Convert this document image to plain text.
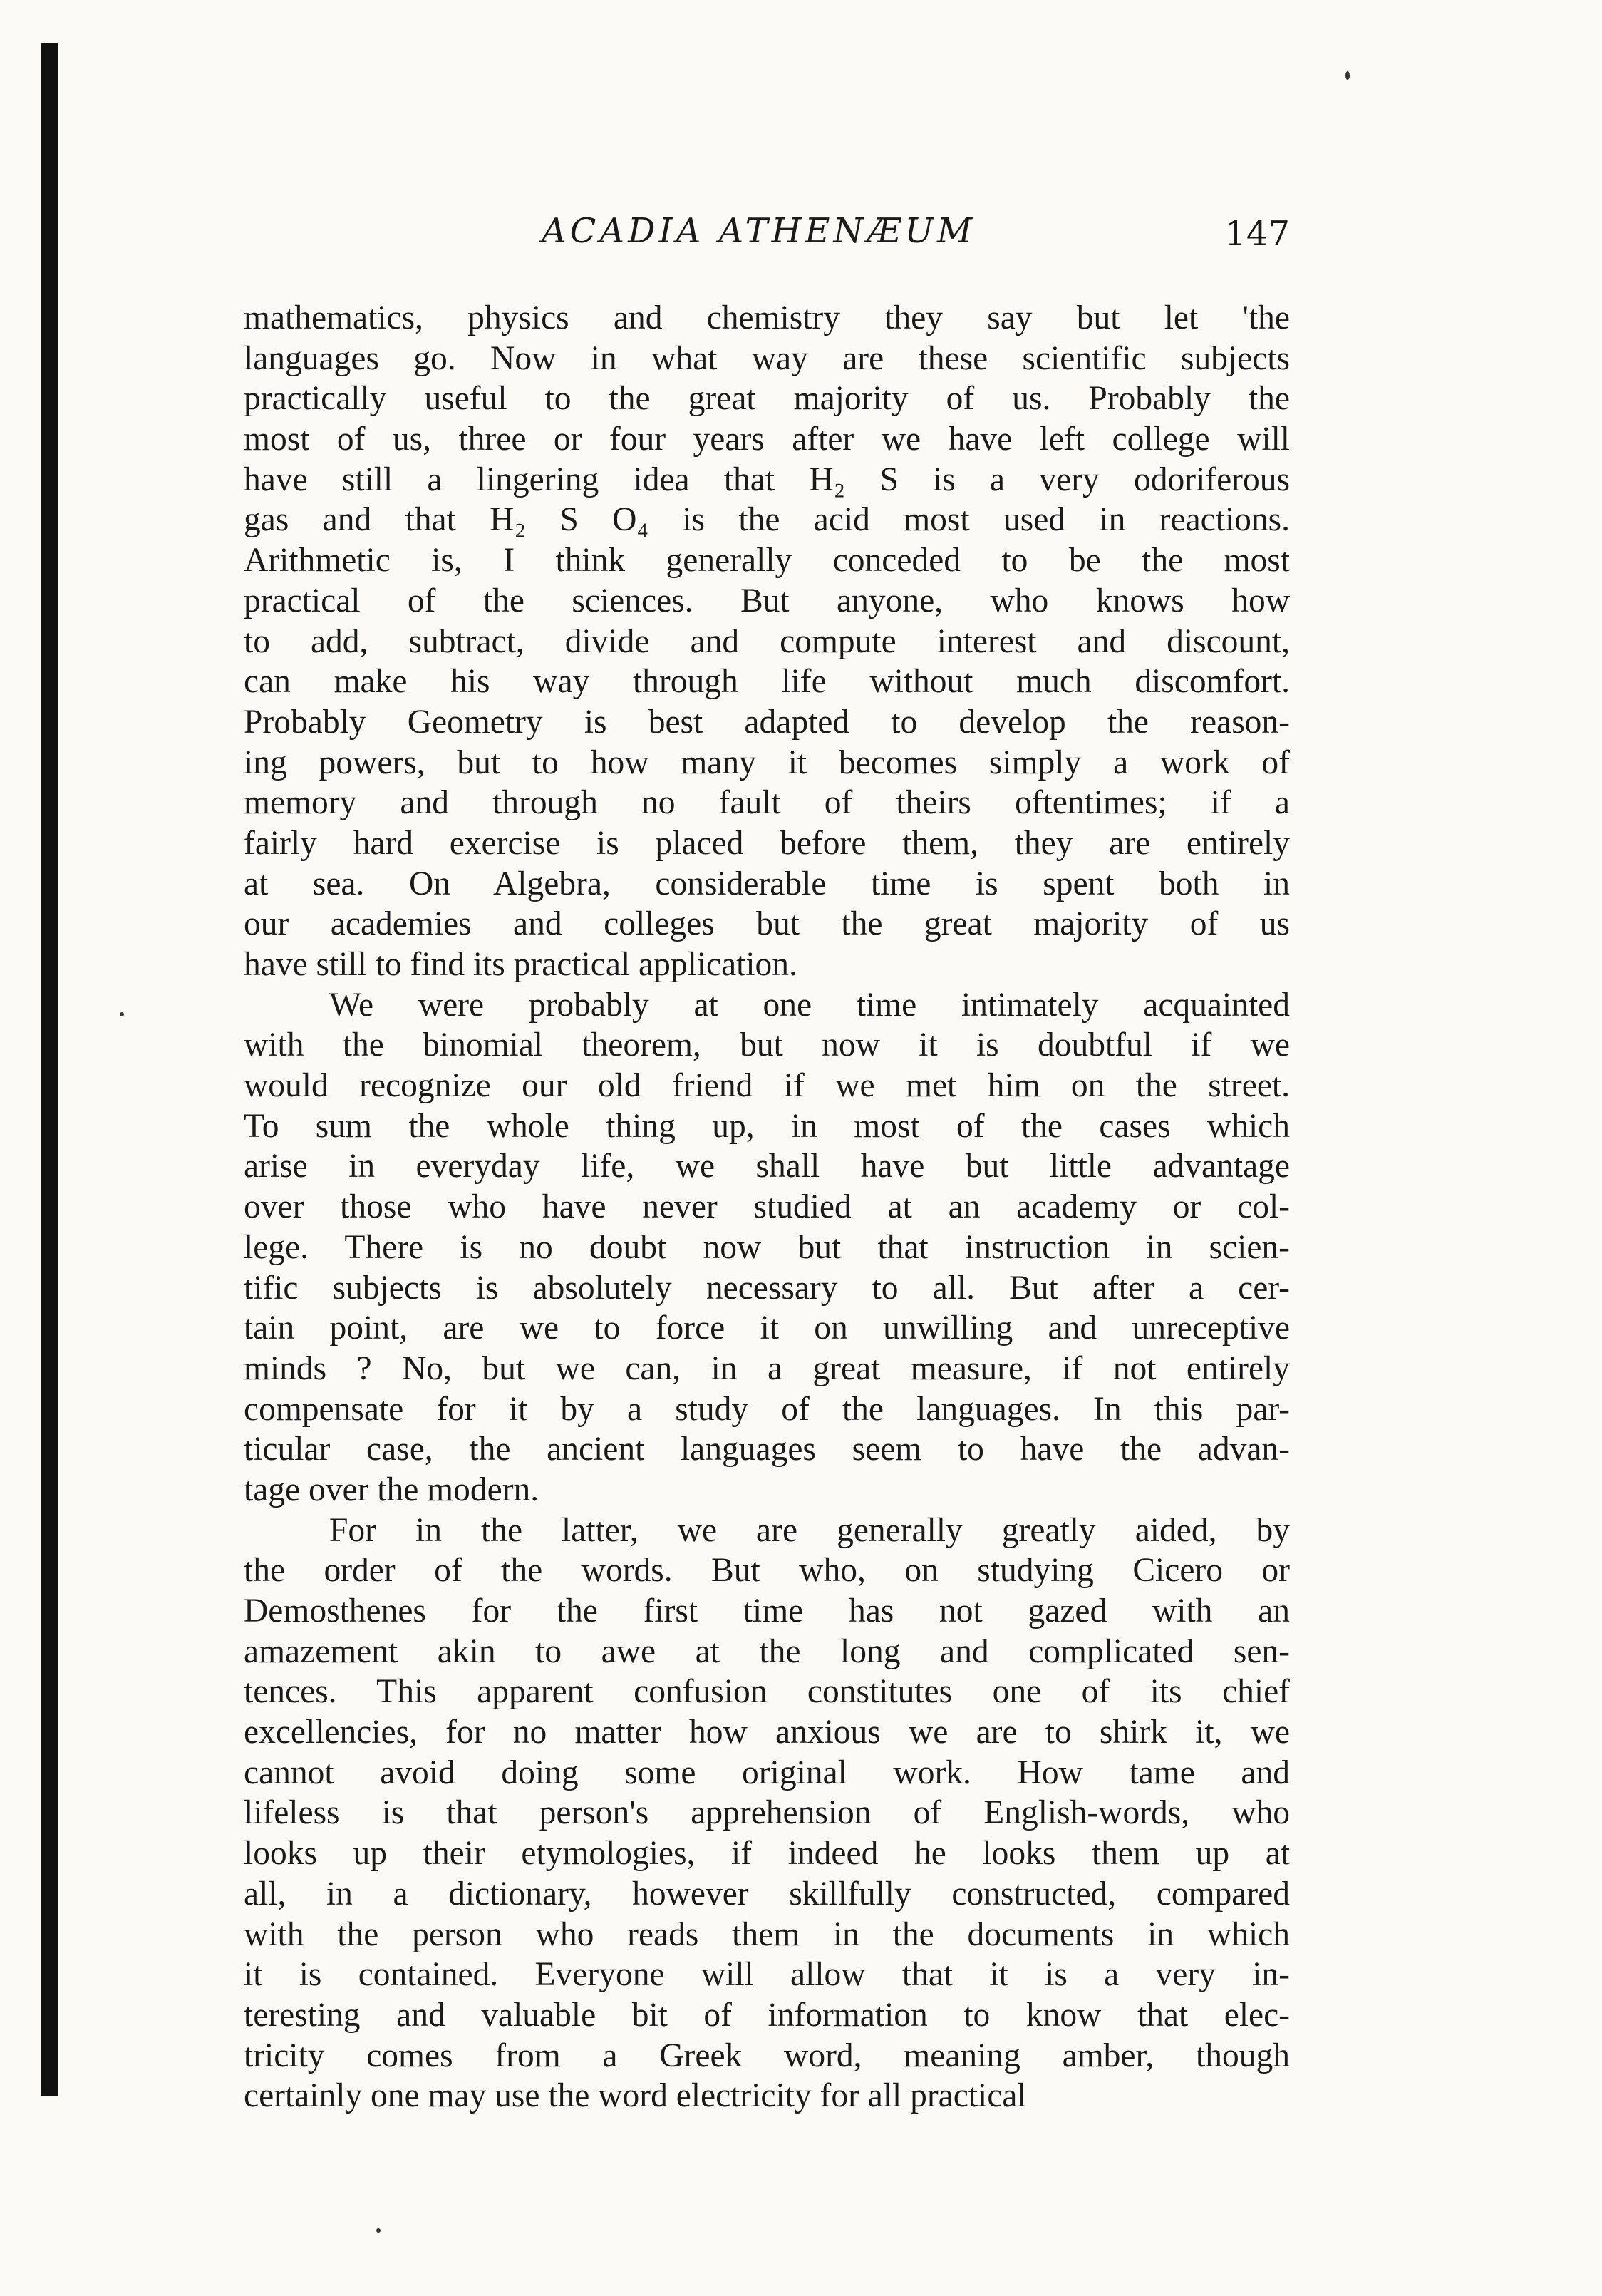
ACADIA ATHENÆUM	147
mathematics, physics and chemistry they say but let 'the
languages go. Now in what way are these scientific subjects
practically useful to the great majority of us. Probably the
most of us, three or four years after we have left college will
have still a lingering idea that H₂ S is a very odoriferous
gas and that H₂ S O₄ is the acid most used in reactions.
Arithmetic is, I think generally conceded to be the most
practical of the sciences. But anyone, who knows how
to add, subtract, divide and compute interest and discount,
can make his way through life without much discomfort.
Probably Geometry is best adapted to develop the reason-
ing powers, but to how many it becomes simply a work of
memory and through no fault of theirs oftentimes; if a
fairly hard exercise is placed before them, they are entirely
at sea. On Algebra, considerable time is spent both in
our academies and colleges but the great majority of us
have still to find its practical application.
We were probably at one time intimately acquainted
with the binomial theorem, but now it is doubtful if we
would recognize our old friend if we met him on the street.
To sum the whole thing up, in most of the cases which
arise in everyday life, we shall have but little advantage
over those who have never studied at an academy or col-
lege. There is no doubt now but that instruction in scien-
tific subjects is absolutely necessary to all. But after a cer-
tain point, are we to force it on unwilling and unreceptive
minds ? No, but we can, in a great measure, if not entirely
compensate for it by a study of the languages. In this par-
ticular case, the ancient languages seem to have the advan-
tage over the modern.
For in the latter, we are generally greatly aided, by
the order of the words. But who, on studying Cicero or
Demosthenes for the first time has not gazed with an
amazement akin to awe at the long and complicated sen-
tences. This apparent confusion constitutes one of its chief
excellencies, for no matter how anxious we are to shirk it, we
cannot avoid doing some original work. How tame and
lifeless is that person's apprehension of English-words, who
looks up their etymologies, if indeed he looks them up at
all, in a dictionary, however skillfully constructed, compared
with the person who reads them in the documents in which
it is contained. Everyone will allow that it is a very in-
teresting and valuable bit of information to know that elec-
tricity comes from a Greek word, meaning amber, though
certainly one may use the word electricity for all practical
